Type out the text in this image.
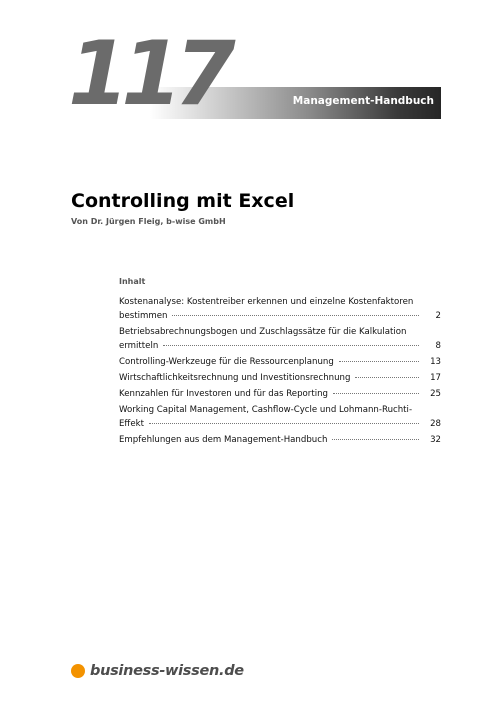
117	Management-Handbuch
Controlling mit Excel
Von Dr. Jürgen Fleig, b-wise GmbH
Inhalt
Kostenanalyse: Kostentreiber erkennen und einzelne Kostenfaktoren
bestimmen	2
Betriebsabrechnungsbogen und Zuschlagssätze für die Kalkulation
ermitteln	8
Controlling-Werkzeuge für die Ressourcenplanung	13
Wirtschaftlichkeitsrechnung und Investitionsrechnung	17
Kennzahlen für Investoren und für das Reporting	25
Working Capital Management, Cashflow-Cycle und Lohmann-Ruchti-
Effekt	28
Empfehlungen aus dem Management-Handbuch	32
business-wissen.de
